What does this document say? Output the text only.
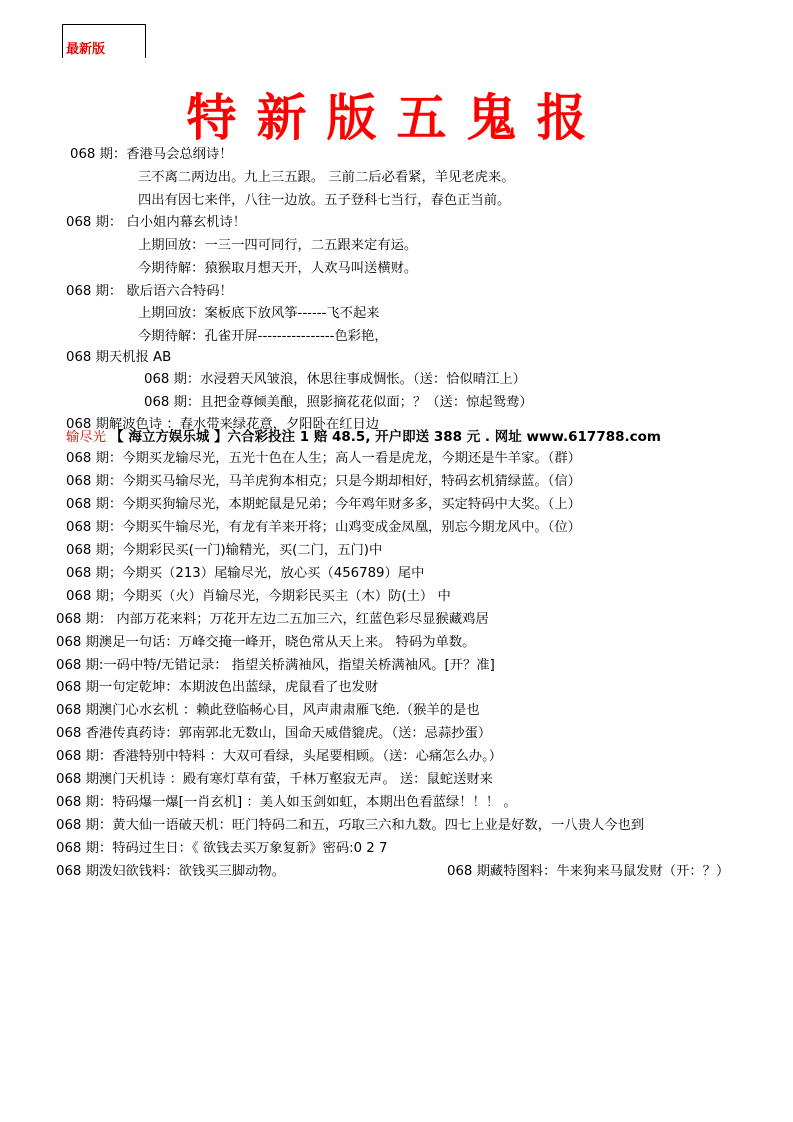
最新版
特新版五鬼报
068 期：香港马会总纲诗！
三不离二两边出。九上三五跟。 三前二后必看紧，羊见老虎来。
四出有因七来伴，八往一边放。五子登科七当行，春色正当前。
068 期： 白小姐内幕玄机诗！
上期回放：一三一四可同行，二五跟来定有运。
今期待解：猿猴取月想天开，人欢马叫送横财。
068 期： 歇后语六合特码！
上期回放：案板底下放风筝------飞不起来
今期待解：孔雀开屏----------------色彩艳，
068 期天机报 AB
068 期：水浸碧天风皱浪，休思往事成惆怅。（送：恰似晴江上）
068 期：且把金尊倾美酿，照影摘花花似面；？（送：惊起鸳鸯）
068 期解波色诗 ：春水带来绿花意，夕阳卧在红日边
068 期：今期买龙输尽光，五光十色在人生；高人一看是虎龙，今期还是牛羊家。（群）
068 期：今期买马输尽光，马羊虎狗本相克；只是今期却相好，特码玄机猜绿蓝。（信）
068 期：今期买狗输尽光，本期蛇鼠是兄弟；今年鸡年财多多，买定特码中大奖。（上）
068 期：今期买牛输尽光，有龙有羊来开将；山鸡变成金凤凰，别忘今期龙风中。（位）
068 期；今期彩民买(一门)输精光，买(二门，五门)中
068 期；今期买（213）尾输尽光，放心买（456789）尾中
068 期；今期买（火）肖输尽光，今期彩民买主（木）防(土） 中
068 期： 内部万花来料；万花开左边二五加三六，红蓝色彩尽显猴藏鸡居
068 期澳足一句话：万峰交掩一峰开，晓色常从天上来。 特码为单数。
068 期:一码中特/无错记录： 指望关桥满袖风，指望关桥满袖风。[开？准]
068 期一句定乾坤：本期波色出蓝绿，虎鼠看了也发财
068 期澳门心水玄机 ：赖此登临畅心目，风声肃肃雁飞绝.（猴羊的是也
068 香港传真药诗：郭南郭北无数山，国命天威借貔虎。（送：忌蒜抄蛋）
068 期：香港特别中特料 ：大双可看绿，头尾要相顾。（送：心痛怎么办。）
068 期澳门天机诗 ：殿有寒灯草有萤，千林万壑寂无声。 送：鼠蛇送财来
068 期：特码爆一爆[一肖玄机] ：美人如玉剑如虹，本期出色看蓝绿！！！ 。
068 期：黄大仙一语破天机：旺门特码二和五，巧取三六和九数。四七上业是好数，一八贵人今也到
068 期：特码过生日：《 欲钱去买万象复新》密码:0 2 7
输尽光 【 海立方娱乐城 】六合彩投注 1 赔 48.5, 开户即送 388 元 . 网址 www.617788.com
068 期泼妇欲钱料：欲钱买三脚动物。	068 期藏特图料：牛来狗来马鼠发财（开：？）
